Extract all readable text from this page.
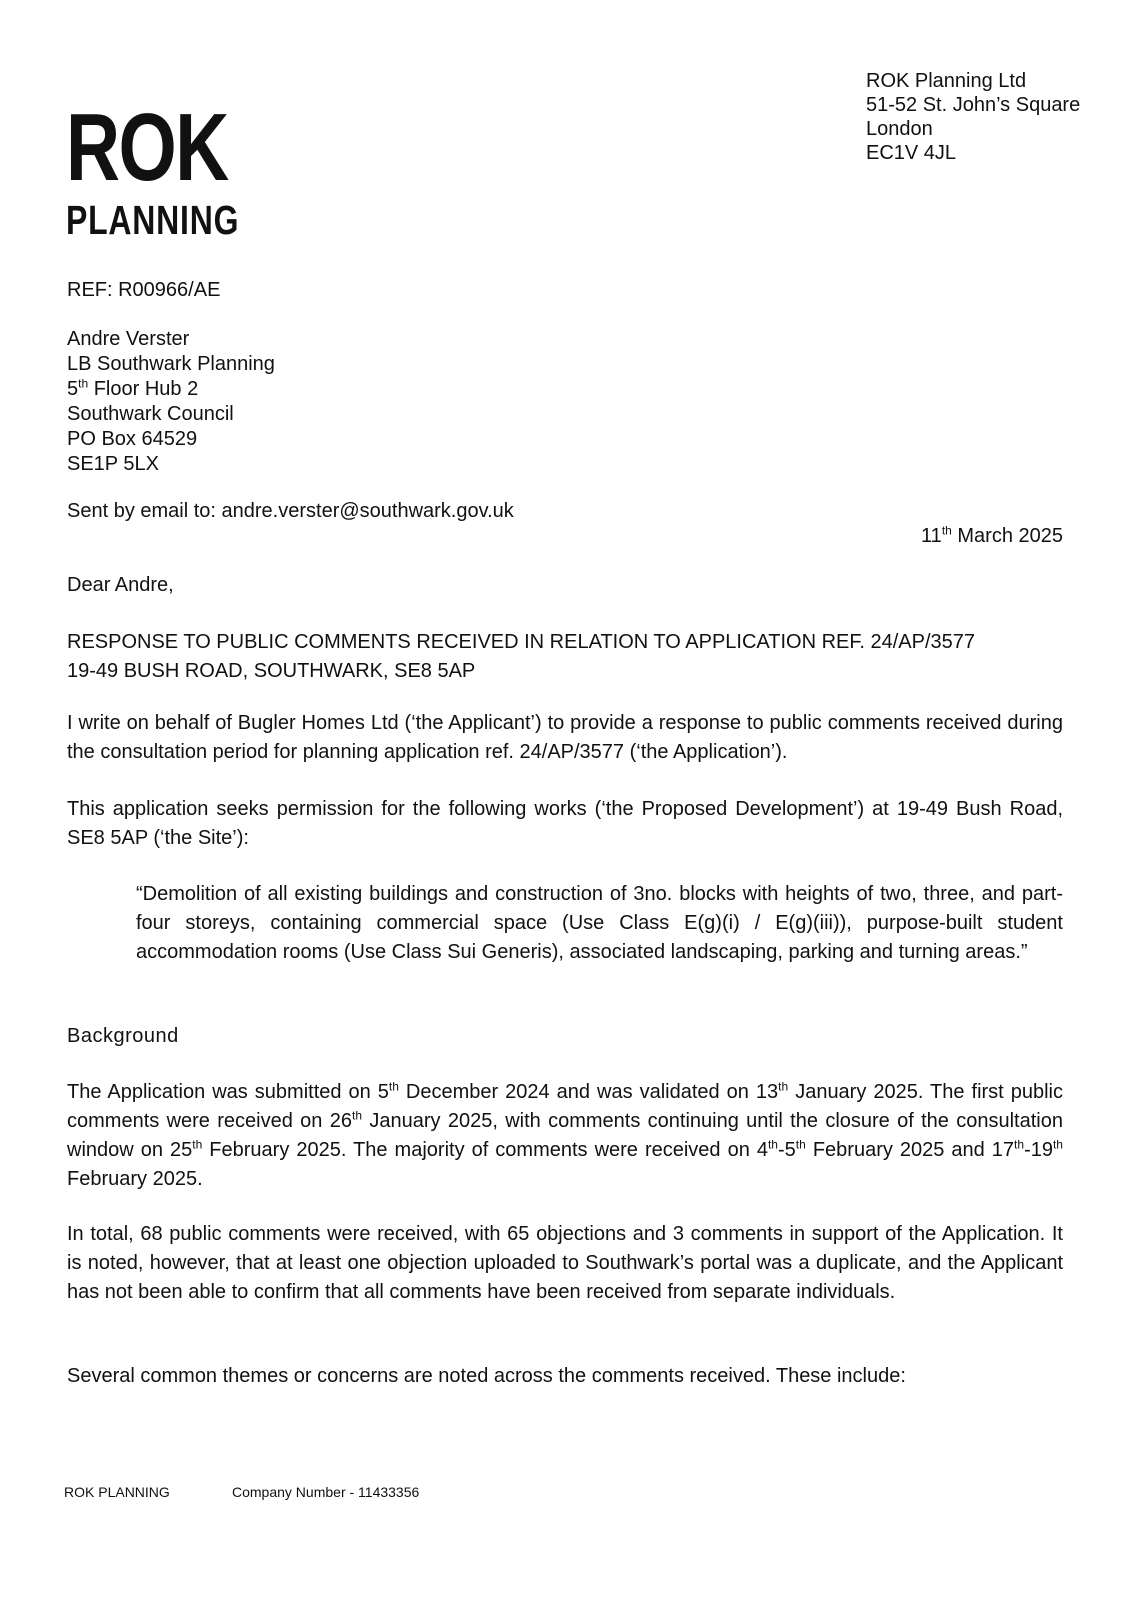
ROK
PLANNING
ROK Planning Ltd
51-52 St. John’s Square
London
EC1V 4JL
REF: R00966/AE
Andre Verster
LB Southwark Planning
5th Floor Hub 2
Southwark Council
PO Box 64529
SE1P 5LX
Sent by email to: andre.verster@southwark.gov.uk
11th March 2025
Dear Andre,
RESPONSE TO PUBLIC COMMENTS RECEIVED IN RELATION TO APPLICATION REF. 24/AP/3577
19-49 BUSH ROAD, SOUTHWARK, SE8 5AP

I write on behalf of Bugler Homes Ltd (‘the Applicant’) to provide a response to public comments received during the consultation period for planning application ref. 24/AP/3577 (‘the Application’).

This application seeks permission for the following works (‘the Proposed Development’) at 19-49 Bush Road, SE8 5AP (‘the Site’):

“Demolition of all existing buildings and construction of 3no. blocks with heights of two, three, and part-four storeys, containing commercial space (Use Class E(g)(i) / E(g)(iii)), purpose-built student accommodation rooms (Use Class Sui Generis), associated landscaping, parking and turning areas.”

Background

The Application was submitted on 5th December 2024 and was validated on 13th January 2025. The first public comments were received on 26th January 2025, with comments continuing until the closure of the consultation window on 25th February 2025. The majority of comments were received on 4th-5th February 2025 and 17th-19th February 2025.

In total, 68 public comments were received, with 65 objections and 3 comments in support of the Application. It is noted, however, that at least one objection uploaded to Southwark’s portal was a duplicate, and the Applicant has not been able to confirm that all comments have been received from separate individuals.

Several common themes or concerns are noted across the comments received. These include:

ROK PLANNING	Company Number - 11433356
